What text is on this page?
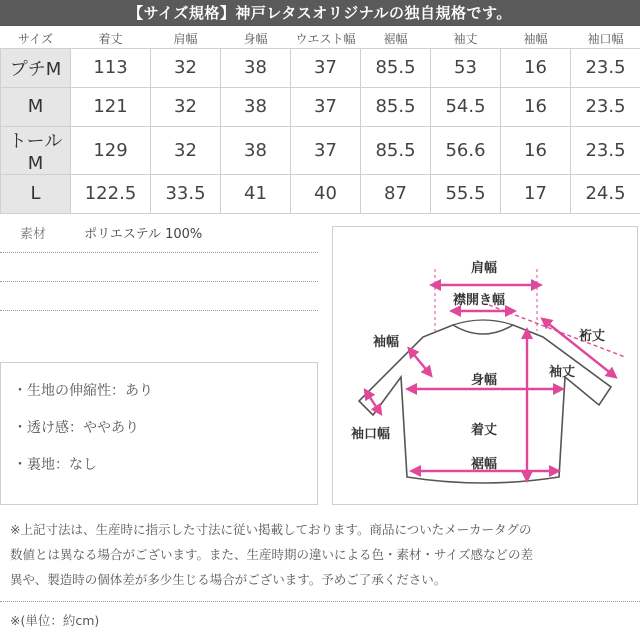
【サイズ規格】神戸レタスオリジナルの独自規格です。
サイズ	着丈	肩幅	身幅	ウエスト幅	裾幅	袖丈	袖幅	袖口幅
プチM	113	32	38	37	85.5	53	16	23.5
M	121	32	38	37	85.5	54.5	16	23.5
トールM	129	32	38	37	85.5	56.6	16	23.5
L	122.5	33.5	41	40	87	55.5	17	24.5
素材	ポリエステル 100%
・生地の伸縮性：あり
・透け感：ややあり
・裏地：なし
肩幅
襟開き幅
袖幅	裄丈
袖丈
身幅
袖口幅	着丈
裾幅
※上記寸法は、生産時に指示した寸法に従い掲載しております。商品についたメーカータグの
数値とは異なる場合がございます。また、生産時期の違いによる色・素材・サイズ感などの差
異や、製造時の個体差が多少生じる場合がございます。予めご了承ください。
※(単位：約cm)
